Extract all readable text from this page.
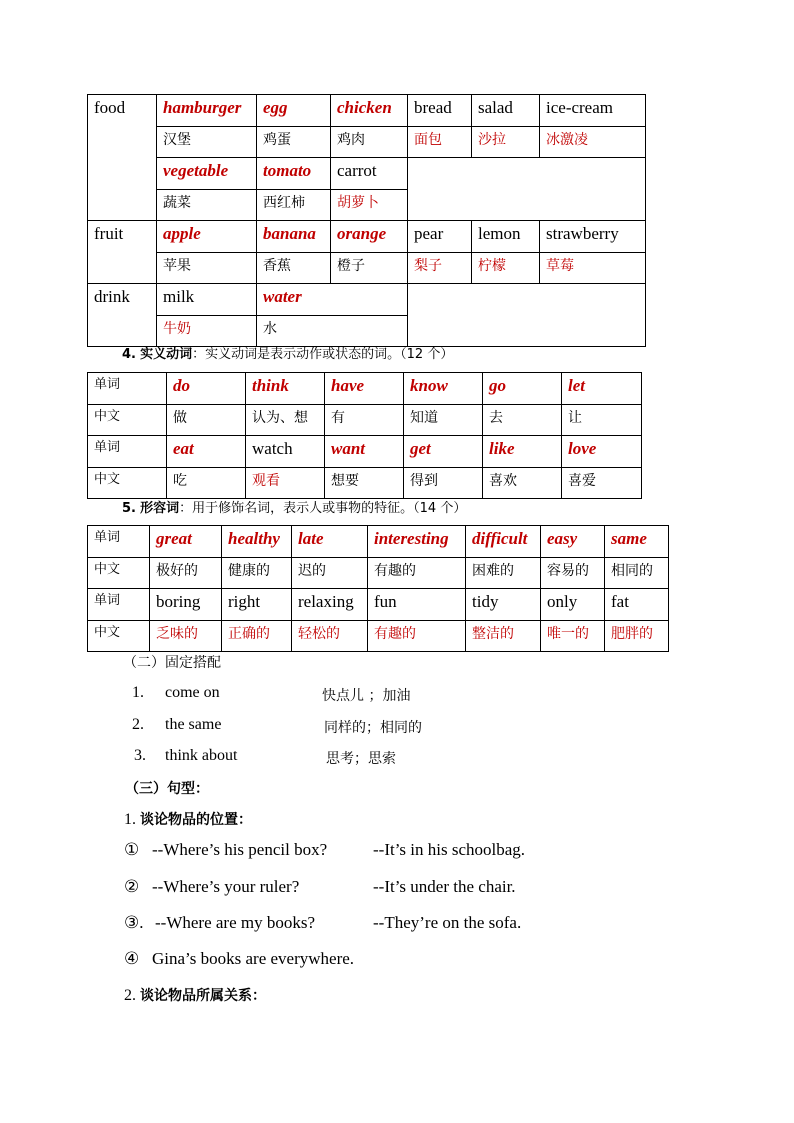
food	hamburger	egg	chicken	bread	salad	ice-cream
	汉堡	鸡蛋	鸡肉	面包	沙拉	冰激凌
	vegetable	tomato	carrot			
	蔬菜	西红柿	胡萝卜			
fruit	apple	banana	orange	pear	lemon	strawberry
	苹果	香蕉	橙子	梨子	柠檬	草莓
drink	milk	water				
	牛奶	水				
4. 实义动词：实义动词是表示动作或状态的词。（12 个）
单词	do	think	have	know	go	let
中文	做	认为、想	有	知道	去	让
单词	eat	watch	want	get	like	love
中文	吃	观看	想要	得到	喜欢	喜爱
5. 形容词：用于修饰名词，表示人或事物的特征。（14 个）
单词	great	healthy	late	interesting	difficult	easy	same
中文	极好的	健康的	迟的	有趣的	困难的	容易的	相同的
单词	boring	right	relaxing	fun	tidy	only	fat
中文	乏味的	正确的	轻松的	有趣的	整洁的	唯一的	肥胖的
（二）固定搭配
1. come on	快点儿 ；加油
2. the same	同样的；相同的
3. think about	思考；思索
（三）句型：
1. 谈论物品的位置：
① --Where’s his pencil box?	--It’s in his schoolbag.
② --Where’s your ruler?	--It’s under the chair.
③. --Where are my books?	--They’re on the sofa.
④ Gina’s books are everywhere.
2. 谈论物品所属关系：
